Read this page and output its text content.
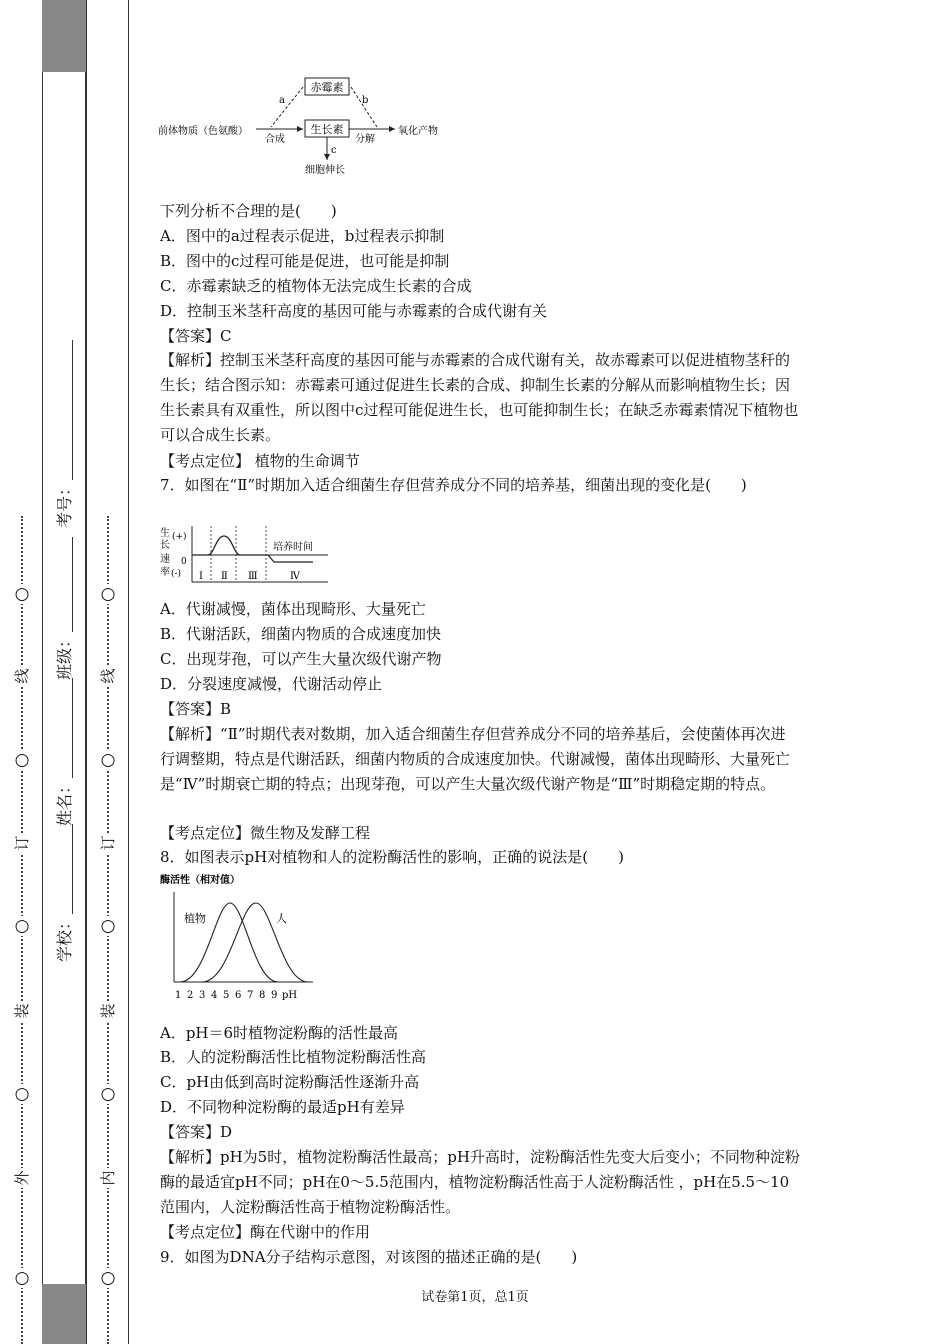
○
外
○
装
○
订
○
线
○
○
内
○
装
○
订
○
线
○
学校：
姓名：
班级：
考号：
赤霉素
生长素
前体物质（色氨酸）
合成
氧化产物
分解
a	b
c
细胞伸长
下列分析不合理的是(　　)
A．图中的a过程表示促进，b过程表示抑制
B．图中的c过程可能是促进，也可能是抑制
C．赤霉素缺乏的植物体无法完成生长素的合成
D．控制玉米茎秆高度的基因可能与赤霉素的合成代谢有关
【答案】C
【解析】控制玉米茎秆高度的基因可能与赤霉素的合成代谢有关，故赤霉素可以促进植物茎秆的生长；结合图示知：赤霉素可通过促进生长素的合成、抑制生长素的分解从而影响植物生长；因生长素具有双重性，所以图中c过程可能促进生长，也可能抑制生长；在缺乏赤霉素情况下植物也可以合成生长素。
【考点定位】 植物的生命调节
7．如图在“Ⅱ”时期加入适合细菌生存但营养成分不同的培养基，细菌出现的变化是(　　)
生
长
速
率
(+)
0
(-)
培养时间
Ⅰ Ⅱ Ⅲ	Ⅳ
A．代谢减慢，菌体出现畸形、大量死亡
B．代谢活跃，细菌内物质的合成速度加快
C．出现芽孢，可以产生大量次级代谢产物
D．分裂速度减慢，代谢活动停止
【答案】B
【解析】“Ⅱ”时期代表对数期，加入适合细菌生存但营养成分不同的培养基后，会使菌体再次进行调整期，特点是代谢活跃，细菌内物质的合成速度加快。代谢减慢，菌体出现畸形、大量死亡是“Ⅳ”时期衰亡期的特点；出现芽孢，可以产生大量次级代谢产物是“Ⅲ”时期稳定期的特点。
【考点定位】微生物及发酵工程
8．如图表示pH对植物和人的淀粉酶活性的影响，正确的说法是(　　)
酶活性（相对值）
植物	人
1 2 3 4 5 6 7 8 9 pH
A．pH＝6时植物淀粉酶的活性最高
B．人的淀粉酶活性比植物淀粉酶活性高
C．pH由低到高时淀粉酶活性逐渐升高
D．不同物种淀粉酶的最适pH有差异
【答案】D
【解析】pH为5时，植物淀粉酶活性最高；pH升高时，淀粉酶活性先变大后变小；不同物种淀粉酶的最适宜pH不同；pH在0～5.5范围内，植物淀粉酶活性高于人淀粉酶活性 ，pH在5.5～10范围内，人淀粉酶活性高于植物淀粉酶活性。
【考点定位】酶在代谢中的作用
9．如图为DNA分子结构示意图，对该图的描述正确的是(　　)
试卷第1页，总1页
